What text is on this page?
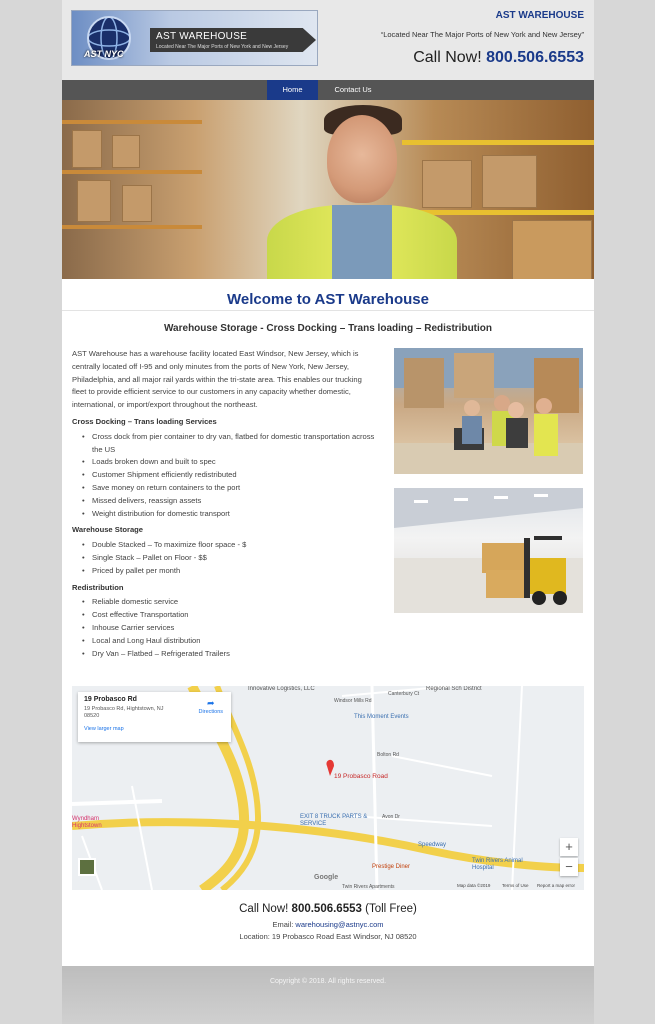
AST NYC
AST WAREHOUSE
Located Near The Major Ports of New York and New Jersey
AST WAREHOUSE
“Located Near The Major Ports of New York and New Jersey”
Call Now! 800.506.6553
Home	Contact Us
Welcome to AST Warehouse
Warehouse Storage - Cross Docking – Trans loading – Redistribution

AST Warehouse has a warehouse facility located East Windsor, New Jersey, which is centrally located off I-95 and only minutes from the ports of New York, New Jersey, Philadelphia, and all major rail yards within the tri-state area. This enables our trucking fleet to provide efficient service to our customers in any capacity whether domestic, international, or import/export throughout the northeast.

Cross Docking – Trans loading Services
• Cross dock from pier container to dry van, flatbed for domestic transportation across the US
• Loads broken down and built to spec
• Customer Shipment efficiently redistributed
• Save money on return containers to the port
• Missed delivers, reassign assets
• Weight distribution for domestic transport
Warehouse Storage
• Double Stacked – To maximize floor space - $
• Single Stack – Pallet on Floor - $$
• Priced by pallet per month
Redistribution
• Reliable domestic service
• Cost effective Transportation
• Inhouse Carrier services
• Local and Long Haul distribution
• Dry Van – Flatbed – Refrigerated Trailers
19 Probasco Rd
19 Probasco Rd, Hightstown, NJ 08520
View larger map
➦
Directions
Innovative Logistics, LLC	Regional Sch District
This Moment Events
EXIT 8 TRUCK PARTS & SERVICE
Speedway
Prestige Diner
Twin Rivers Animal Hospital
Wyndham Hightstown
Bolton Rd
Avon Dr
Twin Rivers Apartments
Windsor Mills Rd
Canterbury Ct
19 Probasco Road
+
−
Google
Map data ©2019	Terms of Use Report a map error
Call Now! 800.506.6553 (Toll Free)
Email: warehousing@astnyc.com
Location: 19 Probasco Road East Windsor, NJ 08520
Copyright © 2018. All rights reserved.
